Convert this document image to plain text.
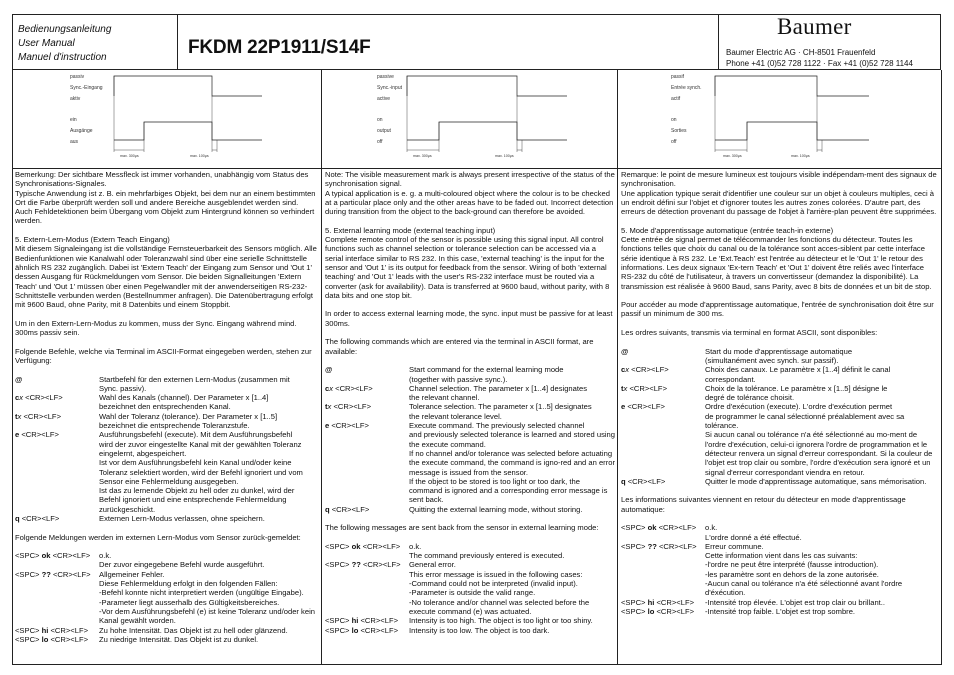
Bedienungsanleitung
User Manual
Manuel d'instruction	FKDM 22P1911/S14F
Baumer
Baumer Electric AG · CH-8501 Frauenfeld
Phone +41 (0)52 728 1122 · Fax +41 (0)52 728 1144
passiv
Sync.-Eingang
aktiv
ein
Ausgänge
aus
max. 300μs	max. 100μs
passive
Sync.-input
active
on
output
off
max. 300μs	max. 100μs
passif
Entrée synch.
actif
on
Sorties
off
max. 300μs	max. 100μs

Bemerkung: Der sichtbare Messfleck ist immer vorhanden, unabhängig vom Status des Synchronisations-Signales.

Typische Anwendung ist z. B. ein mehrfarbiges Objekt, bei dem nur an einem bestimmten Ort die Farbe überprüft werden soll und andere Bereiche ausgeblendet werden sind. Auch Fehldetektionen beim Übergang vom Objekt zum Hintergrund können so verhindert werden.

5. Extern-Lern-Modus (Extern Teach Eingang)

Mit diesem Signaleingang ist die vollständige Fernsteuerbarkeit des Sensors möglich. Alle Bedienfunktionen wie Kanalwahl oder Toleranzwahl sind über eine serielle Schnittstelle ähnlich RS 232 zugänglich. Dabei ist 'Extern Teach' der Eingang zum Sensor und 'Out 1' dessen Ausgang für Rückmeldungen vom Sensor. Die beiden Signalleitungen 'Extern Teach' und 'Out 1' müssen über einen Pegelwandler mit der anwenderseitigen RS-232-Schnittstelle verbunden werden (Bestellnummer anfragen). Die Datenübertragung erfolgt mit 9600 Baud, ohne Parity, mit 8 Datenbits und einem Stoppbit.

Um in den Extern-Lern-Modus zu kommen, muss der Sync. Eingang während mind. 300ms passiv sein.

Folgende Befehle, welche via Terminal im ASCII-Format eingegeben werden, stehen zur Verfügung:

@	Startbefehl für den externen Lern-Modus (zusammen mit

Sync. passiv).

cx <CR><LF>	Wahl des Kanals (channel). Der Parameter x [1..4]

bezeichnet den entsprechenden Kanal.

tx <CR><LF>	Wahl der Toleranz (tolerance). Der Parameter x [1..5]

bezeichnet die entsprechende Toleranzstufe.

e <CR><LF>	Ausführungsbefehl (execute). Mit dem Ausführungsbefehl

wird der zuvor eingestellte Kanal mit der gewählten Toleranz eingelernt, abgespeichert.

Ist vor dem Ausführungsbefehl kein Kanal und/oder keine Toleranz selektiert worden, wird der Befehl ignoriert und vom Sensor eine Fehlermeldung ausgegeben.

Ist das zu lernende Objekt zu hell oder zu dunkel, wird der Befehl ignoriert und eine entsprechende Fehlermeldung zurückgeschickt.

q <CR><LF>	Externen Lern-Modus verlassen, ohne speichern.

Folgende Meldungen werden im externen Lern-Modus vom Sensor zurück-gemeldet:

<SPC> ok <CR><LF>	o.k.

Der zuvor eingegebene Befehl wurde ausgeführt.

<SPC> ?? <CR><LF>	Allgemeiner Fehler.

Diese Fehlermeldung erfolgt in den folgenden Fällen:

-Befehl konnte nicht interpretiert werden (ungültige Eingabe).

-Parameter liegt ausserhalb des Gültigkeitsbereiches.

-Vor dem Ausführungsbefehl (e) ist keine Toleranz und/oder kein Kanal gewählt worden.

<SPC> hi <CR><LF>	Zu hohe Intensität. Das Objekt ist zu hell oder glänzend.

<SPC> lo <CR><LF>	Zu niedrige Intensität. Das Objekt ist zu dunkel.

Note: The visible measurement mark is always present irrespective of the status of the synchronisation signal.

A typical application is e. g. a multi-coloured object where the colour is to be checked at a particular place only and the other areas have to be faded out. Incorrect detection during transition from the object to the back-ground can therefore be avoided.

5. External learning mode (external teaching input)

Complete remote control of the sensor is possible using this signal input. All control functions such as channel selection or tolerance selection can be accessed via a serial interface similar to RS 232. In this case, 'external teaching' is the input for the sensor and 'Out 1' is its output for feedback from the sensor. Wiring of both 'external teaching' and 'Out 1' leads with the user's RS-232 interface must be routed via a converter (ask for availability). Data is transferred at 9600 baud, without parity, with 8 data bits and one stop bit.

In order to access external learning mode, the sync. input must be passive for at least 300ms.

The following commands which are entered via the terminal in ASCII format, are available:

@	Start command for the external learning mode

(together with passive sync.).

cx <CR><LF>	Channel selection. The parameter x [1..4] designates

the relevant channel.

tx <CR><LF>	Tolerance selection. The parameter x [1..5] designates

the relevant tolerance level.

e <CR><LF>	Execute command. The previously selected channel

and previously selected tolerance is learned and stored using the execute command.

If no channel and/or tolerance was selected before actuating the execute command, the command is igno-red and an error message is issued from the sensor.

If the object to be stored is too light or too dark, the command is ignored and a corresponding error message is sent back.

q <CR><LF>	Quitting the external learning mode, without storing.

The following messages are sent back from the sensor in external learning mode:

<SPC> ok <CR><LF>	o.k.

The command previously entered is executed.

<SPC> ?? <CR><LF>	General error.

This error message is issued in the following cases:

-Command could not be interpreted (invalid input).

-Parameter is outside the valid range.

-No tolerance and/or channel was selected before the execute command (e) was actuated.

<SPC> hi <CR><LF>	Intensity is too high. The object is too light or too shiny.

<SPC> lo <CR><LF>	Intensity is too low. The object is too dark.

Remarque: le point de mesure lumineux est toujours visible indépendam-ment des signaux de synchronisation.

Une application typique serait d'identifier une couleur sur un objet à couleurs multiples, ceci à un endroit défini sur l'objet et d'ignorer toutes les autres zones colorées. D'autre part, des erreurs de détection provenant du passage de l'objet à l'arrière-plan peuvent être supprimées.

5. Mode d'apprentissage automatique (entrée teach-in externe)

Cette entrée de signal permet de télécommander les fonctions du détecteur. Toutes les fonctions telles que choix du canal ou de la tolérance sont acces-siblent par cette interface série identique à RS 232. Le 'Ext.Teach' est l'entrée au détecteur et le 'Out 1' le retour des informations. Les deux signaux 'Ex-tern Teach' et 'Out 1' doivent être reliés avec l'interface RS-232 du côté de l'utilisateur, à travers un convertisseur (demandez la disponibilité). La transmission est réalisée à 9600 Baud, sans Parity, avec 8 bits de données et un bit de stop.

Pour accéder au mode d'apprentissage automatique, l'entrée de synchronisation doit être sur passif un minimum de 300 ms.

Les ordres suivants, transmis via terminal en format ASCII, sont disponibles:

@	Start du mode d'apprentissage automatique

(simultanément avec synch. sur passif).

cx <CR><LF>	Choix des canaux. Le paramètre x [1..4] définit le canal

correspondant.

tx <CR><LF>	Choix de la tolérance. Le paramètre x [1..5] désigne le

degré de tolérance choisit.

e <CR><LF>	Ordre d'exécution (execute). L'ordre d'exécution permet

de programmer le canal sélectionné préalablement avec sa tolérance.

Si aucun canal ou tolérance n'a été sélectionné au mo-ment de l'ordre d'exécution, celui-ci ignorera l'ordre de programmation et le détecteur renvera un signal d'erreur correspondant. Si la couleur de l'objet est trop clair ou sombre, l'ordre d'exécution sera ignoré et un signal d'erreur correspondant viendra en retour.

q <CR><LF>	Quitter le mode d'apprentissage automatique, sans mémorisation.

Les informations suivantes viennent en retour du détecteur en mode d'apprentissage automatique:

<SPC> ok <CR><LF>	o.k.

L'ordre donné a été effectué.

<SPC> ?? <CR><LF>	Erreur commune.

Cette information vient dans les cas suivants:

-l'ordre ne peut être interprété (fausse introduction).

-les paramètre sont en dehors de la zone autorisée.

-Aucun canal ou tolérance n'a été sélectionné avant l'ordre d'éxécution.

<SPC> hi <CR><LF>	-Intensité trop élevée. L'objet est trop clair ou brillant..

<SPC> lo <CR><LF>	-Intensité trop faible. L'objet est trop sombre.
